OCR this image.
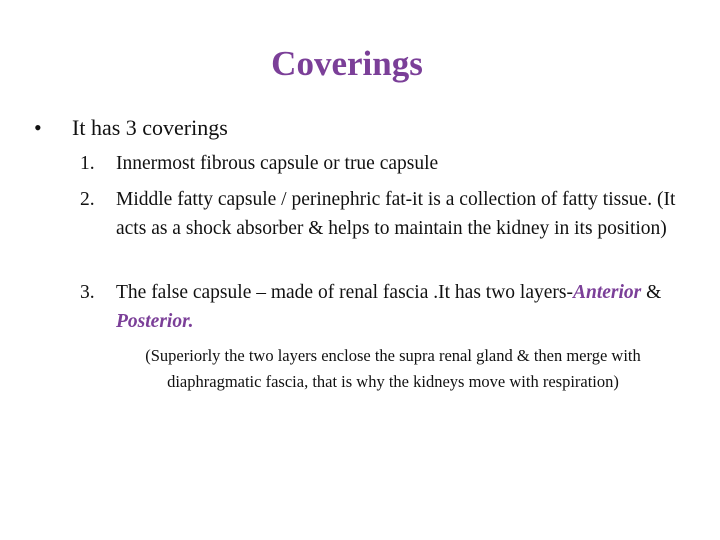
Coverings
• It has 3 coverings
1. Innermost fibrous capsule or true capsule
2. Middle fatty capsule / perinephric fat-it is a collection of fatty tissue. (It acts as a shock absorber & helps to maintain the kidney in its position)
3. The false capsule – made of renal fascia .It has two layers-Anterior & Posterior.
(Superiorly the two layers enclose the supra renal gland & then merge with diaphragmatic fascia, that is why the kidneys move with respiration)
